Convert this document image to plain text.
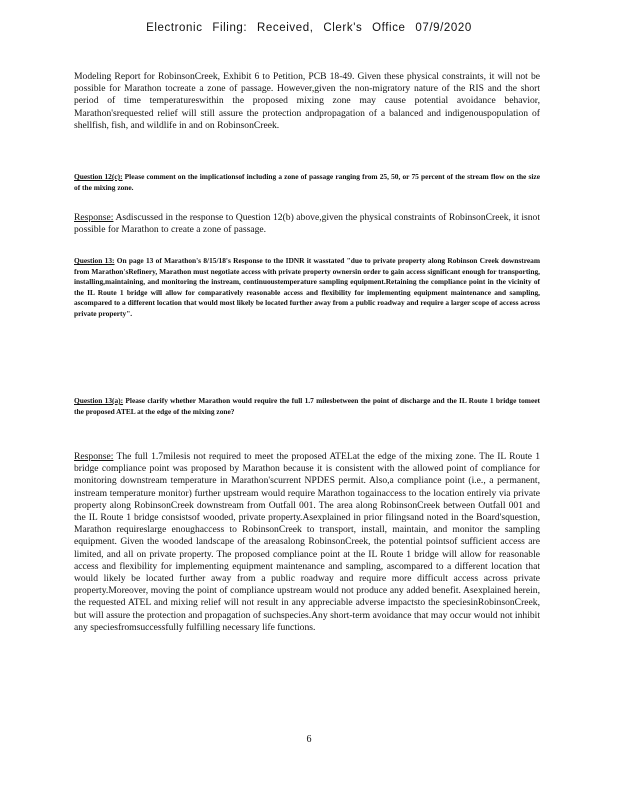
Electronic Filing: Received, Clerk's Office 07/9/2020

Modeling Report for RobinsonCreek, Exhibit 6 to Petition, PCB 18-49. Given these physical constraints, it will not be possible for Marathon tocreate a zone of passage. However,given the non-migratory nature of the RIS and the short period of time temperatureswithin the proposed mixing zone may cause potential avoidance behavior, Marathon'srequested relief will still assure the protection andpropagation of a balanced and indigenouspopulation of shellfish, fish, and wildlife in and on RobinsonCreek.

Question 12(c): Please comment on the implicationsof including a zone of passage ranging from 25, 50, or 75 percent of the stream flow on the size of the mixing zone.

Response: Asdiscussed in the response to Question 12(b) above,given the physical constraints of RobinsonCreek, it isnot possible for Marathon to create a zone of passage.

Question 13: On page 13 of Marathon's 8/15/18's Response to the IDNR it wasstated "due to private property along Robinson Creek downstream from Marathon'sRefinery, Marathon must negotiate access with private property ownersin order to gain access significant enough for transporting, installing,maintaining, and monitoring the instream, continuoustemperature sampling equipment.Retaining the compliance point in the vicinity of the IL Route 1 bridge will allow for comparatively reasonable access and flexibility for implementing equipment maintenance and sampling, ascompared to a different location that would most likely be located further away from a public roadway and require a larger scope of access across private property".

Question 13(a): Please clarify whether Marathon would require the full 1.7 milesbetween the point of discharge and the IL Route 1 bridge tomeet the proposed ATEL at the edge of the mixing zone?

Response: The full 1.7milesis not required to meet the proposed ATELat the edge of the mixing zone. The IL Route 1 bridge compliance point was proposed by Marathon because it is consistent with the allowed point of compliance for monitoring downstream temperature in Marathon'scurrent NPDES permit. Also,a compliance point (i.e., a permanent, instream temperature monitor) further upstream would require Marathon togainaccess to the location entirely via private property along RobinsonCreek downstream from Outfall 001. The area along RobinsonCreek between Outfall 001 and the IL Route 1 bridge consistsof wooded, private property.Asexplained in prior filingsand noted in the Board'squestion, Marathon requireslarge enoughaccess to RobinsonCreek to transport, install, maintain, and monitor the sampling equipment. Given the wooded landscape of the areasalong RobinsonCreek, the potential pointsof sufficient access are limited, and all on private property. The proposed compliance point at the IL Route 1 bridge will allow for reasonable access and flexibility for implementing equipment maintenance and sampling, ascompared to a different location that would likely be located further away from a public roadway and require more difficult access across private property.Moreover, moving the point of compliance upstream would not produce any added benefit. Asexplained herein, the requested ATEL and mixing relief will not result in any appreciable adverse impactsto the speciesinRobinsonCreek, but will assure the protection and propagation of suchspecies.Any short-term avoidance that may occur would not inhibit any speciesfromsuccessfully fulfilling necessary life functions.

6
